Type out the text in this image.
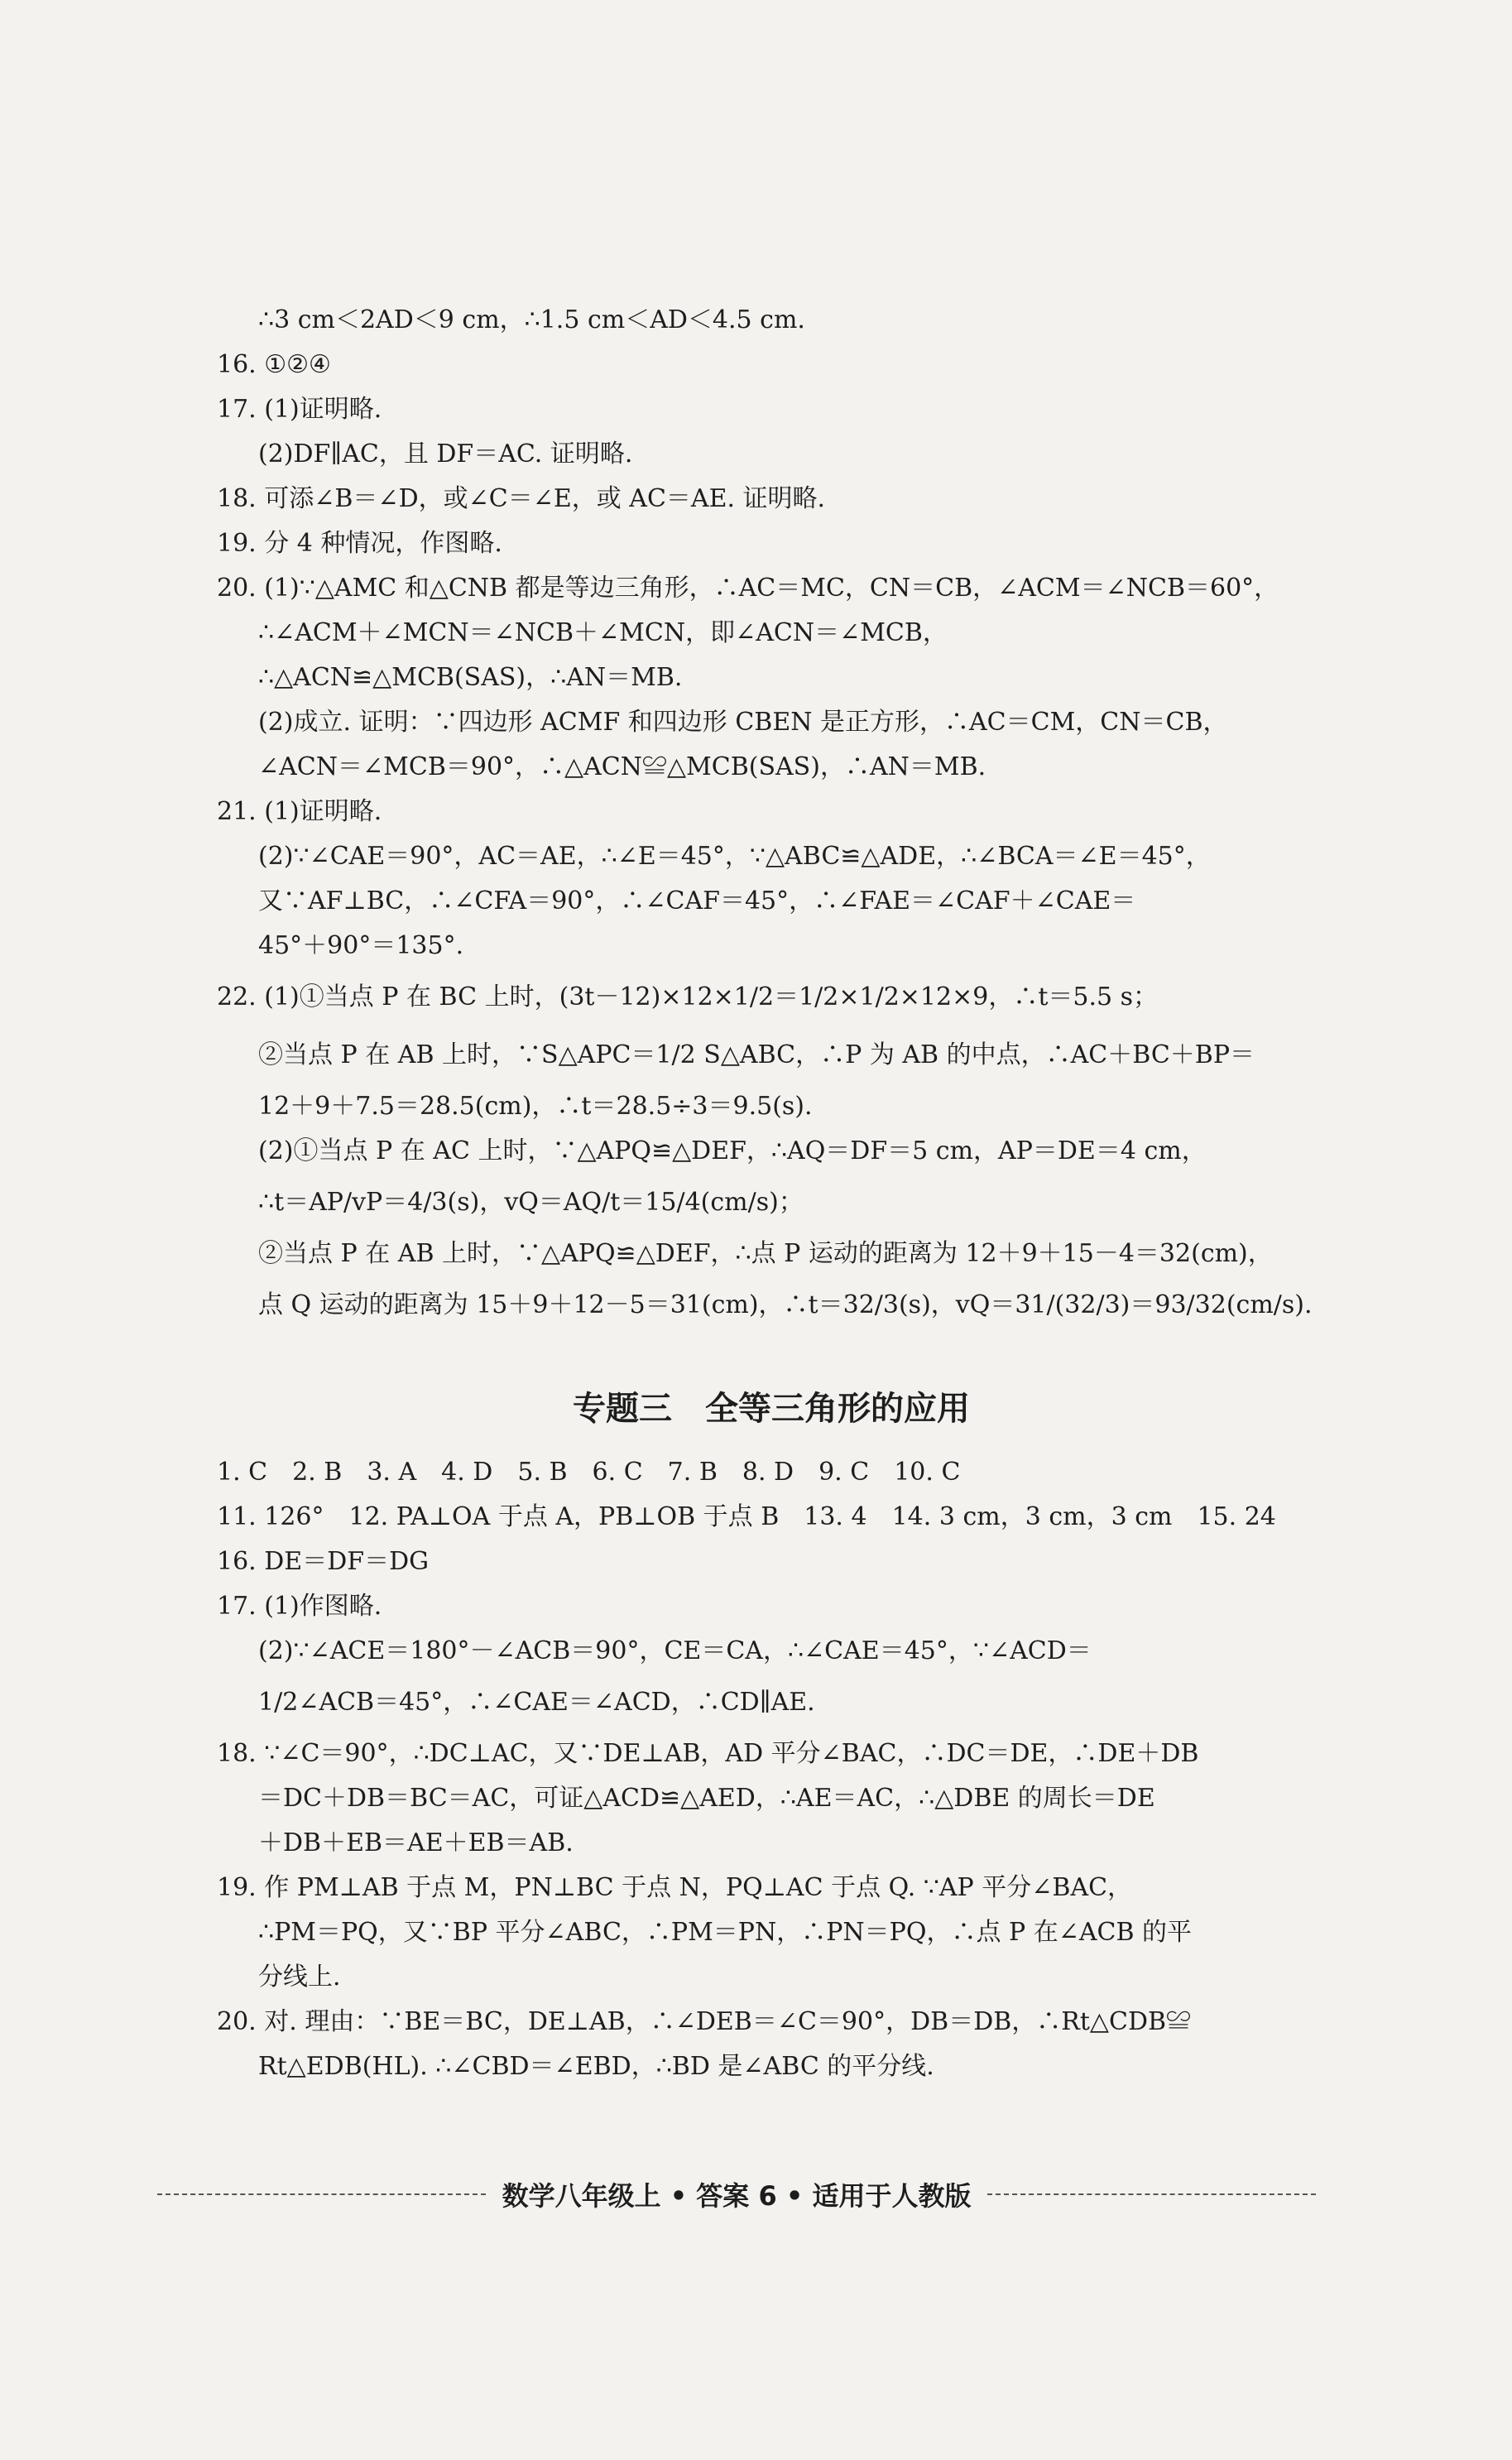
∴3 cm＜2AD＜9 cm，∴1.5 cm＜AD＜4.5 cm.
16. ①②④
17. (1)证明略.
(2)DF∥AC，且 DF＝AC. 证明略.
18. 可添∠B＝∠D，或∠C＝∠E，或 AC＝AE. 证明略.
19. 分 4 种情况，作图略.
20. (1)∵△AMC 和△CNB 都是等边三角形，∴AC＝MC，CN＝CB，∠ACM＝∠NCB＝60°，
∴∠ACM＋∠MCN＝∠NCB＋∠MCN，即∠ACN＝∠MCB，
∴△ACN≌△MCB(SAS)，∴AN＝MB.
(2)成立. 证明：∵四边形 ACMF 和四边形 CBEN 是正方形，∴AC＝CM，CN＝CB，
∠ACN＝∠MCB＝90°，∴△ACN≌△MCB(SAS)，∴AN＝MB.
21. (1)证明略.
(2)∵∠CAE＝90°，AC＝AE，∴∠E＝45°，∵△ABC≌△ADE，∴∠BCA＝∠E＝45°，
又∵AF⊥BC，∴∠CFA＝90°，∴∠CAF＝45°，∴∠FAE＝∠CAF＋∠CAE＝
45°＋90°＝135°.
22. (1)①当点 P 在 BC 上时，(3t－12)×12×1/2＝1/2×1/2×12×9，∴t＝5.5 s；
②当点 P 在 AB 上时，∵S△APC＝1/2 S△ABC，∴P 为 AB 的中点，∴AC＋BC＋BP＝
12＋9＋7.5＝28.5(cm)，∴t＝28.5÷3＝9.5(s).
(2)①当点 P 在 AC 上时，∵△APQ≌△DEF，∴AQ＝DF＝5 cm，AP＝DE＝4 cm，
∴t＝AP/vP＝4/3(s)，vQ＝AQ/t＝15/4(cm/s)；
②当点 P 在 AB 上时，∵△APQ≌△DEF，∴点 P 运动的距离为 12＋9＋15－4＝32(cm)，
点 Q 运动的距离为 15＋9＋12－5＝31(cm)，∴t＝32/3(s)，vQ＝31/(32/3)＝93/32(cm/s).
专题三　全等三角形的应用
1. C　2. B　3. A　4. D　5. B　6. C　7. B　8. D　9. C　10. C
11. 126°　12. PA⊥OA 于点 A，PB⊥OB 于点 B　13. 4　14. 3 cm，3 cm，3 cm　15. 24
16. DE＝DF＝DG
17. (1)作图略.
(2)∵∠ACE＝180°－∠ACB＝90°，CE＝CA，∴∠CAE＝45°，∵∠ACD＝
1/2∠ACB＝45°，∴∠CAE＝∠ACD，∴CD∥AE.
18. ∵∠C＝90°，∴DC⊥AC，又∵DE⊥AB，AD 平分∠BAC，∴DC＝DE，∴DE＋DB
＝DC＋DB＝BC＝AC，可证△ACD≌△AED，∴AE＝AC，∴△DBE 的周长＝DE
＋DB＋EB＝AE＋EB＝AB.
19. 作 PM⊥AB 于点 M，PN⊥BC 于点 N，PQ⊥AC 于点 Q. ∵AP 平分∠BAC，
∴PM＝PQ，又∵BP 平分∠ABC，∴PM＝PN，∴PN＝PQ，∴点 P 在∠ACB 的平
分线上.
20. 对. 理由：∵BE＝BC，DE⊥AB，∴∠DEB＝∠C＝90°，DB＝DB，∴Rt△CDB≌
Rt△EDB(HL). ∴∠CBD＝∠EBD，∴BD 是∠ABC 的平分线.
数学八年级上 • 答案 6 • 适用于人教版
